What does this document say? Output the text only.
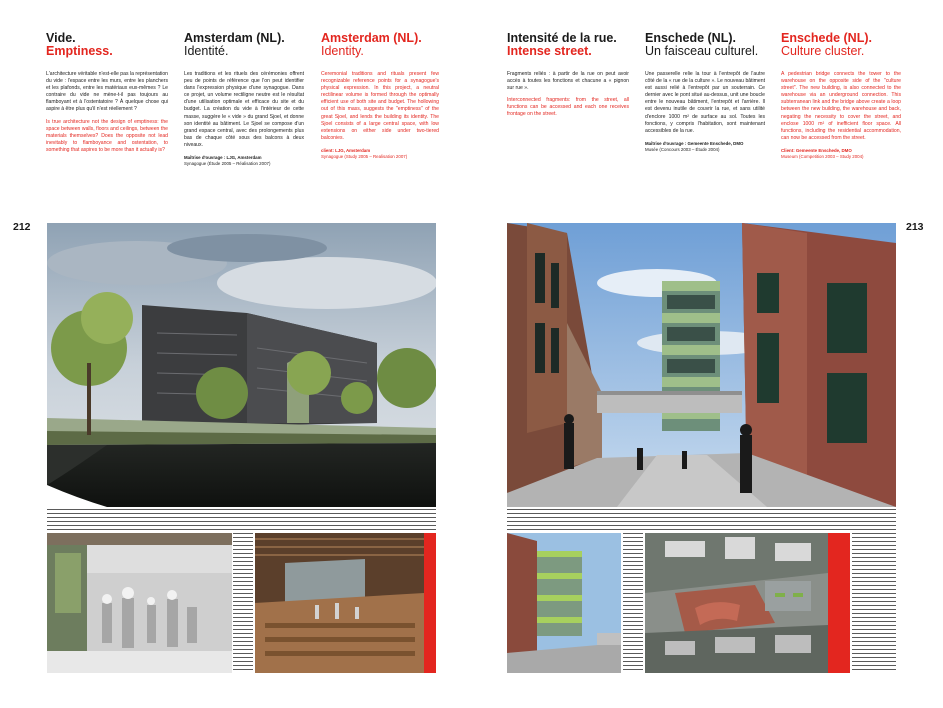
Vide.
Emptiness.

L'architecture véritable n'est-elle pas la représentation du vide : l'espace entre les murs, entre les planchers et les plafonds, entre les matériaux eux-mêmes ? Le contraire du vide ne mène-t-il pas toujours au flamboyant et à l'ostentatoire ? À quelque chose qui aspire à être plus qu'il n'est réellement ?

Is true architecture not the design of emptiness: the space between walls, floors and ceilings, between the materials themselves? Does the opposite not lead inevitably to flamboyance and ostentation, to something that aspires to be more than it actually is?

Amsterdam (NL).
Identité.

Les traditions et les rituels des cérémonies offrent peu de points de référence que l'on peut identifier dans l'expression physique d'une synagogue. Dans ce projet, un volume rectiligne neutre est le résultat d'une utilisation optimale et efficace du site et du budget. La création du vide à l'intérieur de cette masse, suggère le « vide » du grand Sjoel, et donne son identité au bâtiment. Le Sjoel se compose d'un grand espace central, avec des prolongements plus bas de chaque côté sous des balcons à deux niveaux.

Maîtrise d'ouvrage : LJG, Amsterdam
Synagogue (Étude 2005 – Réalisation 2007)
Amsterdam (NL).
Identity.

Ceremonial traditions and rituals present few recognizable reference points for a synagogue's physical expression. In this project, a neutral rectilinear volume is formed through the optimally efficient use of both site and budget. The hollowing out of this mass, suggests the "emptiness" of the great Sjoel, and lends the building its identity. The Sjoel consists of a large central space, with low extensions on either side under two-tiered balconies.

client: LJG, Amsterdam
Synagogue (Study 2005 – Realisation 2007)
Intensité de la rue.
Intense street.

Fragments reliés : à partir de la rue on peut avoir accès à toutes les fonctions et chacune a « pignon sur rue ».

Interconnected fragments: from the street, all functions can be accessed and each one receives frontage on the street.

Enschede (NL).
Un faisceau culturel.

Une passerelle relie la tour à l'entrepôt de l'autre côté de la « rue de la culture ». Le nouveau bâtiment est aussi relié à l'entrepôt par un souterrain. Ce dernier avec le pont situé au-dessus, unit une boucle entre le nouveau bâtiment, l'entrepôt et l'arrière. Il est devenu inutile de couvrir la rue, et sans utilité d'enclore 1000 m² de surface au sol. Toutes les fonctions, y compris l'habitation, sont maintenant accessibles de la rue.

Maîtrise d'ouvrage : Gemeente Enschede, DMO
Musée (Concours 2003 – Étude 2004)
Enschede (NL).
Culture cluster.

A pedestrian bridge connects the tower to the warehouse on the opposite side of the "culture street". The new building, is also connected to the warehouse via an underground connection. This subterranean link and the bridge above create a loop between the new building, the warehouse and back, negating the necessity to cover the street, and enclose 1000 m² of inefficient floor space. All functions, including the residential accommodation, can now be accessed from the street.

Client: Gemeente Enschede, DMO
Museum (Competition 2003 – Study 2004)
212	213
